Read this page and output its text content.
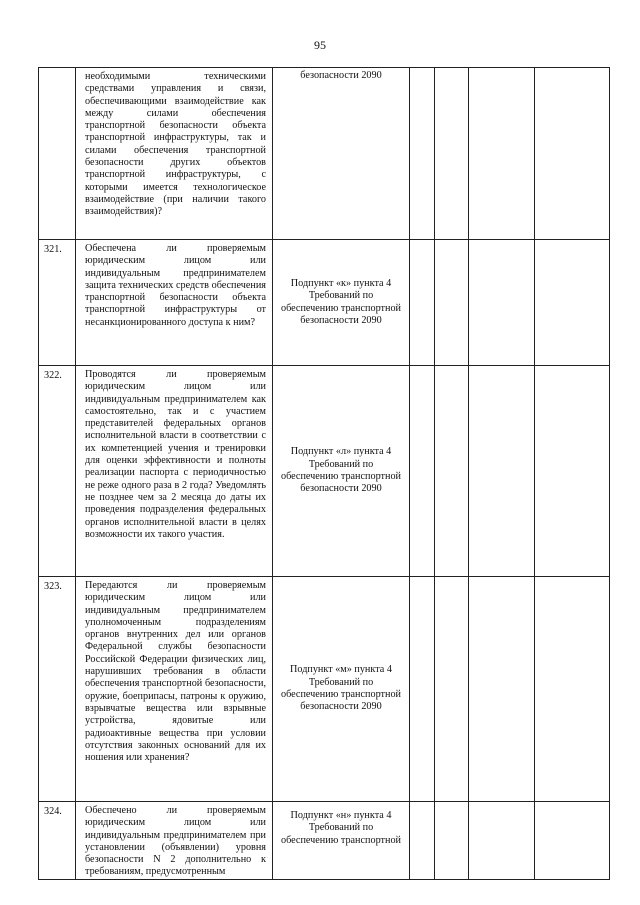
95
	необходимыми техническими средствами управления и связи, обеспечивающими взаимодействие как между силами обеспечения транспортной безопасности объекта транспортной инфраструктуры, так и силами обеспечения транспортной безопасности других объектов транспортной инфраструктуры, с которыми имеется технологическое взаимодействие (при наличии такого взаимодействия)?	безопасности 2090				
321.	Обеспечена ли проверяемым юридическим лицом или индивидуальным предпринимателем защита технических средств обеспечения транспортной безопасности объекта транспортной инфраструктуры от несанкционированного доступа к ним?	Подпункт «к» пункта 4 Требований по обеспечению транспортной безопасности 2090				
322.	Проводятся ли проверяемым юридическим лицом или индивидуальным предпринимателем как самостоятельно, так и с участием представителей федеральных органов исполнительной власти в соответствии с их компетенцией учения и тренировки для оценки эффективности и полноты реализации паспорта с периодичностью не реже одного раза в 2 года? Уведомлять не позднее чем за 2 месяца до даты их проведения подразделения федеральных органов исполнительной власти в целях возможности их такого участия.	Подпункт «л» пункта 4 Требований по обеспечению транспортной безопасности 2090				
323.	Передаются ли проверяемым юридическим лицом или индивидуальным предпринимателем уполномоченным подразделениям органов внутренних дел или органов Федеральной службы безопасности Российской Федерации физических лиц, нарушивших требования в области обеспечения транспортной безопасности, оружие, боеприпасы, патроны к оружию, взрывчатые вещества или взрывные устройства, ядовитые или радиоактивные вещества при условии отсутствия законных оснований для их ношения или хранения?	Подпункт «м» пункта 4 Требований по обеспечению транспортной безопасности 2090				
324.	Обеспечено ли проверяемым юридическим лицом или индивидуальным предпринимателем при установлении (объявлении) уровня безопасности N 2 дополнительно к требованиям, предусмотренным	Подпункт «н» пункта 4 Требований по обеспечению транспортной				
